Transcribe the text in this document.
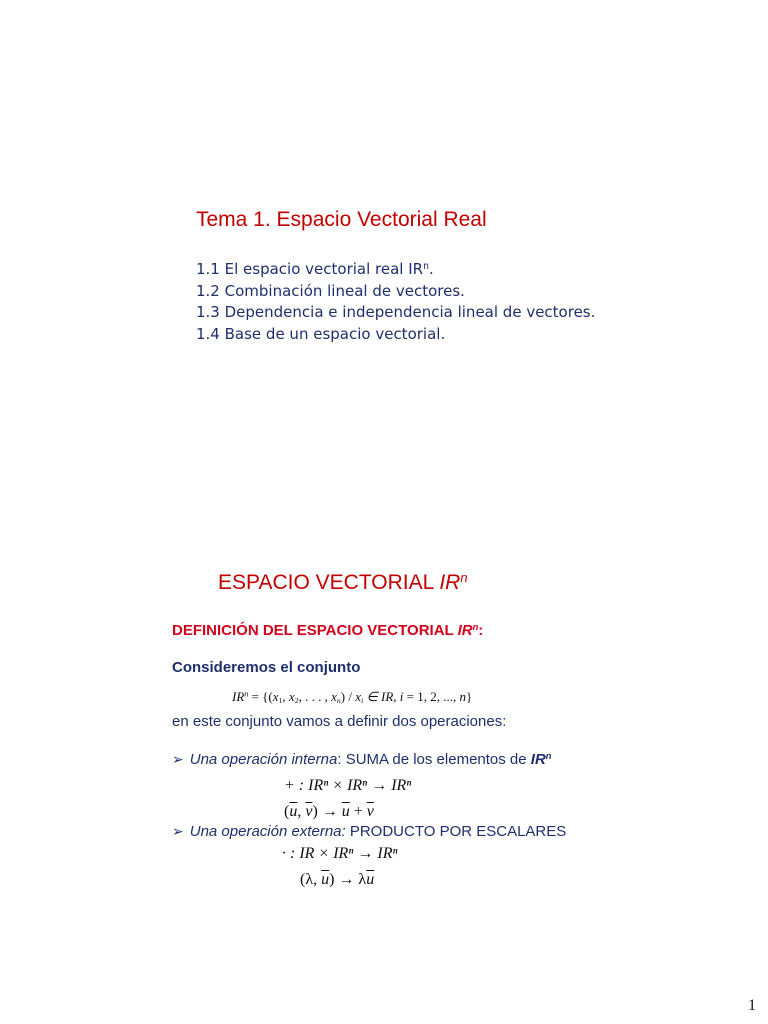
Tema 1. Espacio Vectorial Real
1.1 El espacio vectorial real $IR^n$.
1.2 Combinación lineal de vectores.
1.3 Dependencia e independencia lineal de vectores.
1.4 Base de un espacio vectorial.
ESPACIO VECTORIAL $IR^n$
DEFINICIÓN DEL ESPACIO VECTORIAL $IR^n$:
Consideremos el conjunto
$IR^n = \{(x_1$, $x_2$, . . . , $x_n) / x_i$ ∈ IR, i = 1, 2, ..., n}
en este conjunto vamos a definir dos operaciones:
➢ Una operación interna: SUMA de los elementos de $IR^n$
+ : IRⁿ × IRⁿ → IRⁿ
($\overline{u}$, $\overline{v}) \to \overline{u} + \overline{v}$
➢ Una operación externa: PRODUCTO POR ESCALARES
· : IR × IRⁿ → IRⁿ
(λ, $\overline{u}) \to \lambda\overline{u}$
1
